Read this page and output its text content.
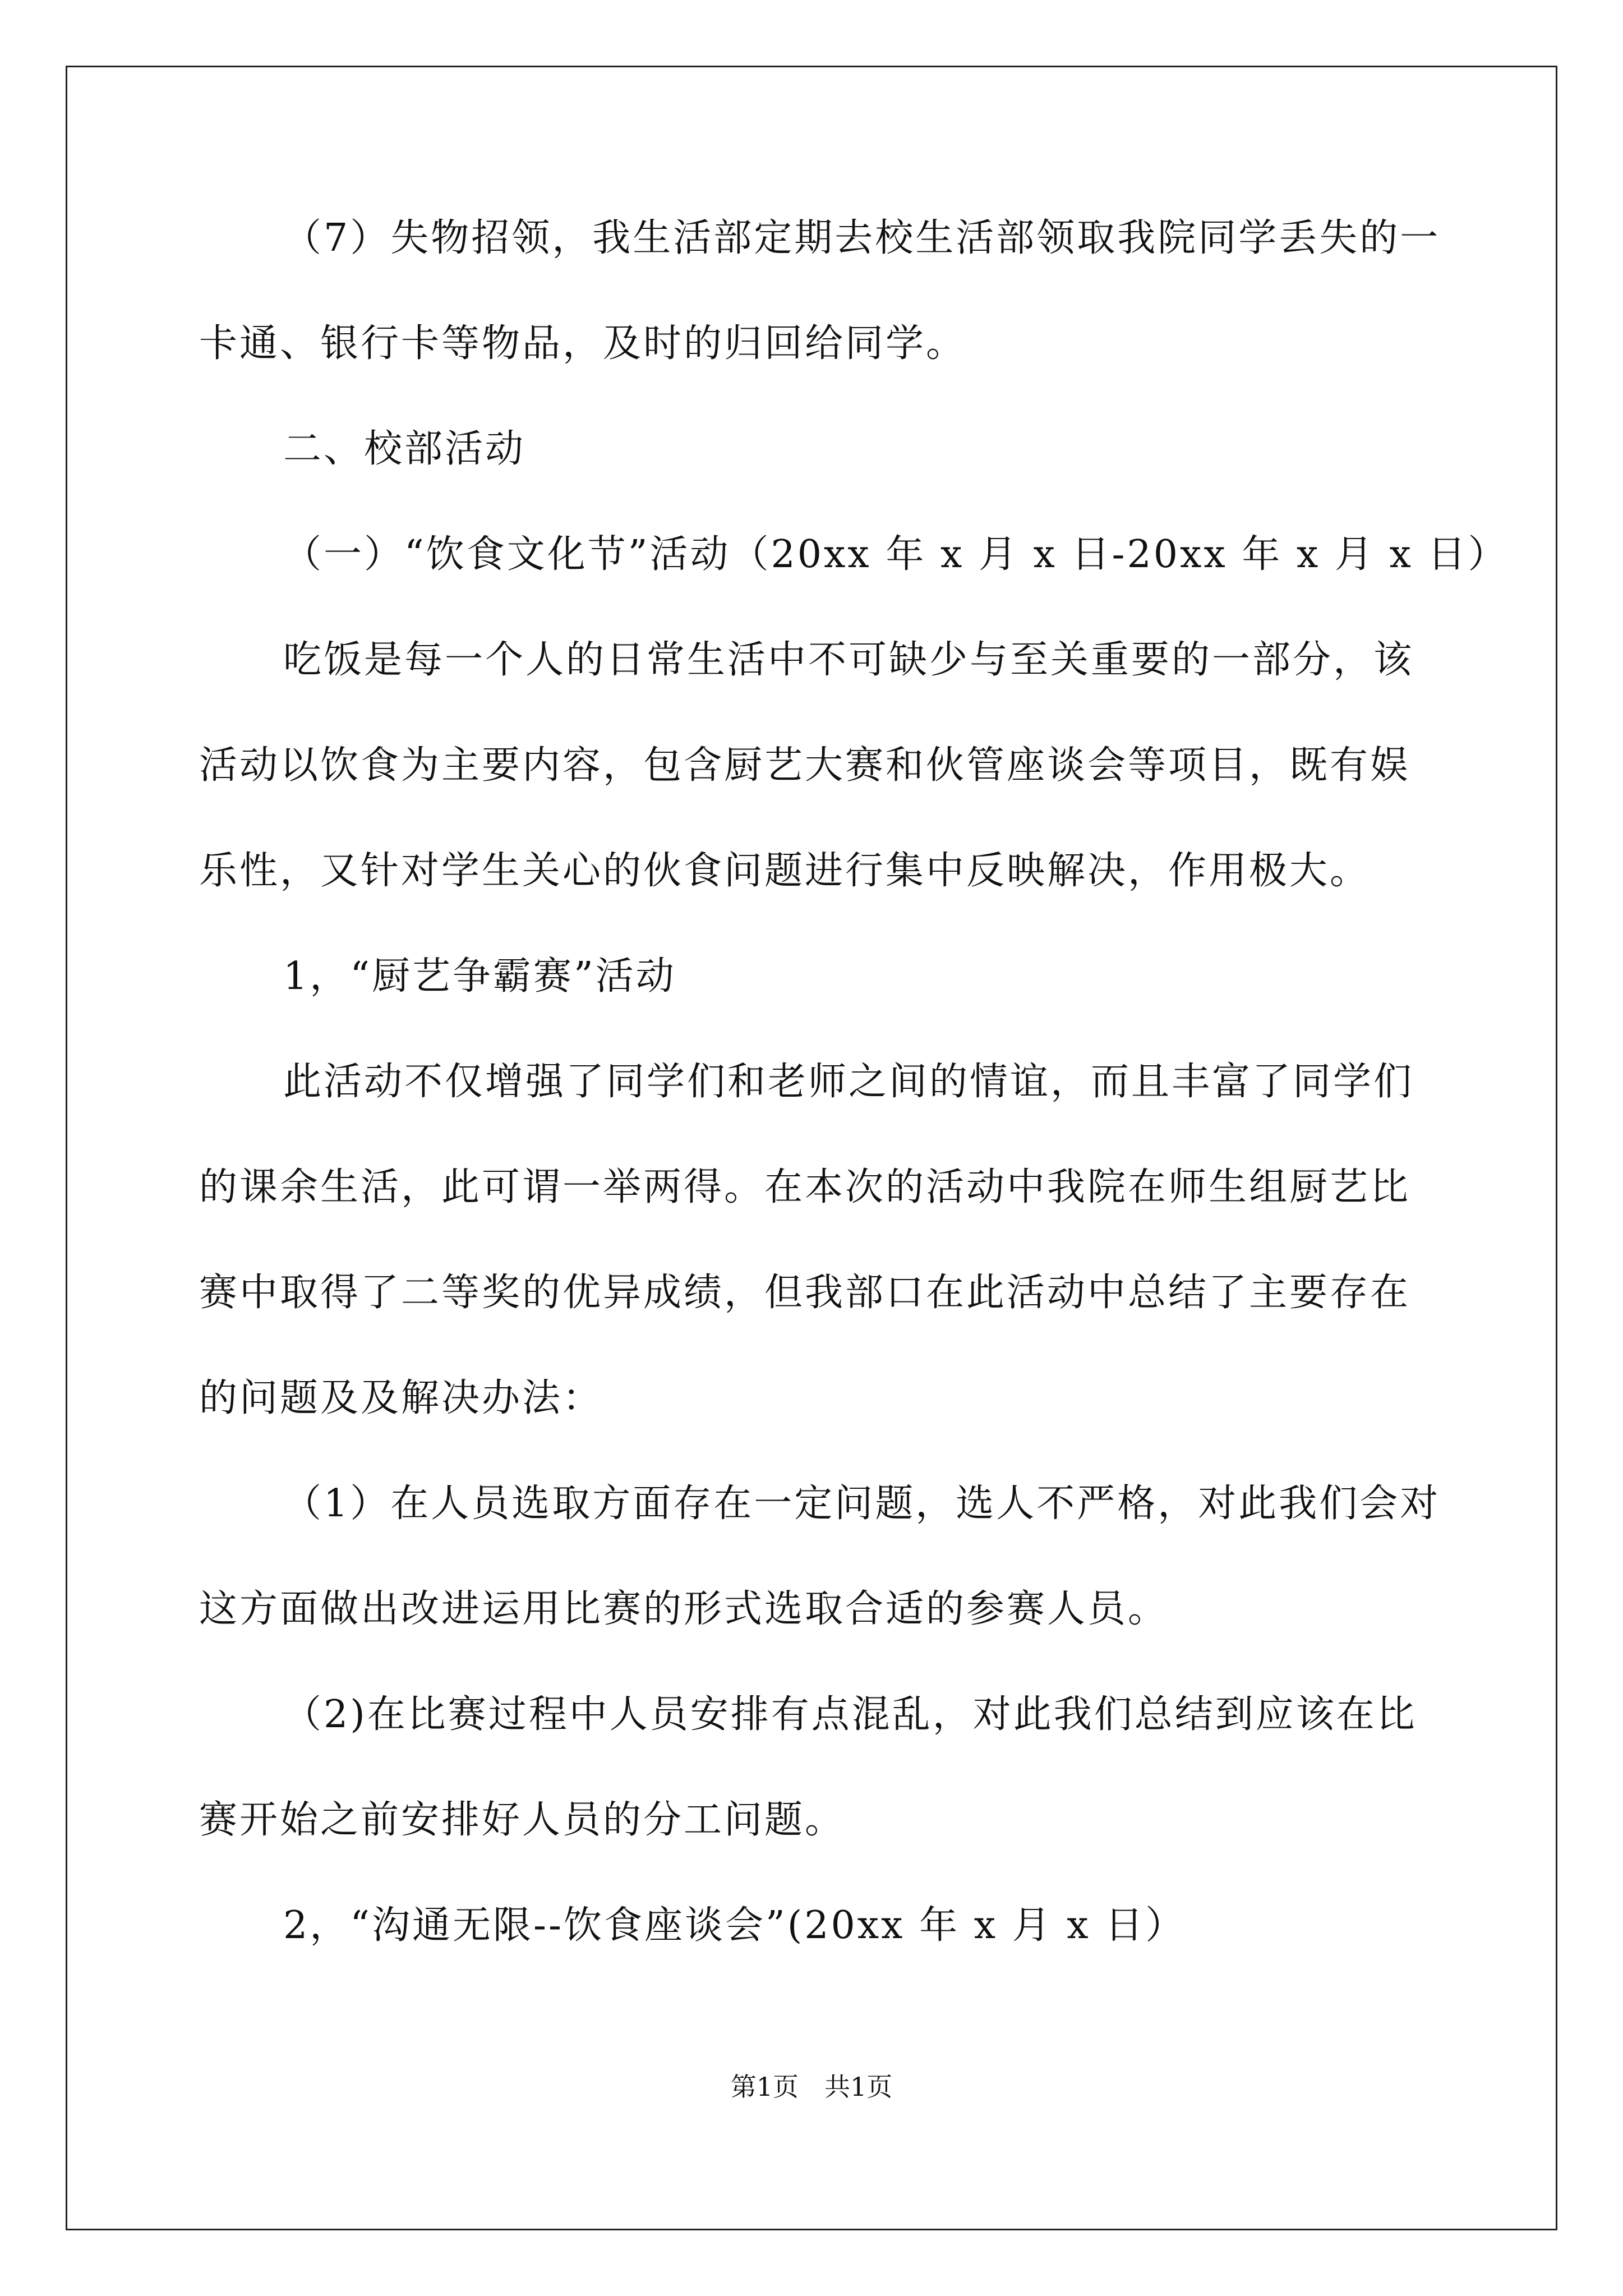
（7）失物招领，我生活部定期去校生活部领取我院同学丢失的一
卡通、银行卡等物品，及时的归回给同学。
二、校部活动
（一）“饮食文化节”活动（20xx 年 x 月 x 日-20xx 年 x 月 x 日）
吃饭是每一个人的日常生活中不可缺少与至关重要的一部分，该
活动以饮食为主要内容，包含厨艺大赛和伙管座谈会等项目，既有娱
乐性，又针对学生关心的伙食问题进行集中反映解决，作用极大。
1，“厨艺争霸赛”活动
此活动不仅增强了同学们和老师之间的情谊，而且丰富了同学们
的课余生活，此可谓一举两得。在本次的活动中我院在师生组厨艺比
赛中取得了二等奖的优异成绩，但我部口在此活动中总结了主要存在
的问题及及解决办法：
（1）在人员选取方面存在一定问题，选人不严格，对此我们会对
这方面做出改进运用比赛的形式选取合适的参赛人员。
（2)在比赛过程中人员安排有点混乱，对此我们总结到应该在比
赛开始之前安排好人员的分工问题。
2，“沟通无限--饮食座谈会”(20xx 年 x 月 x 日）
第1页　共1页
